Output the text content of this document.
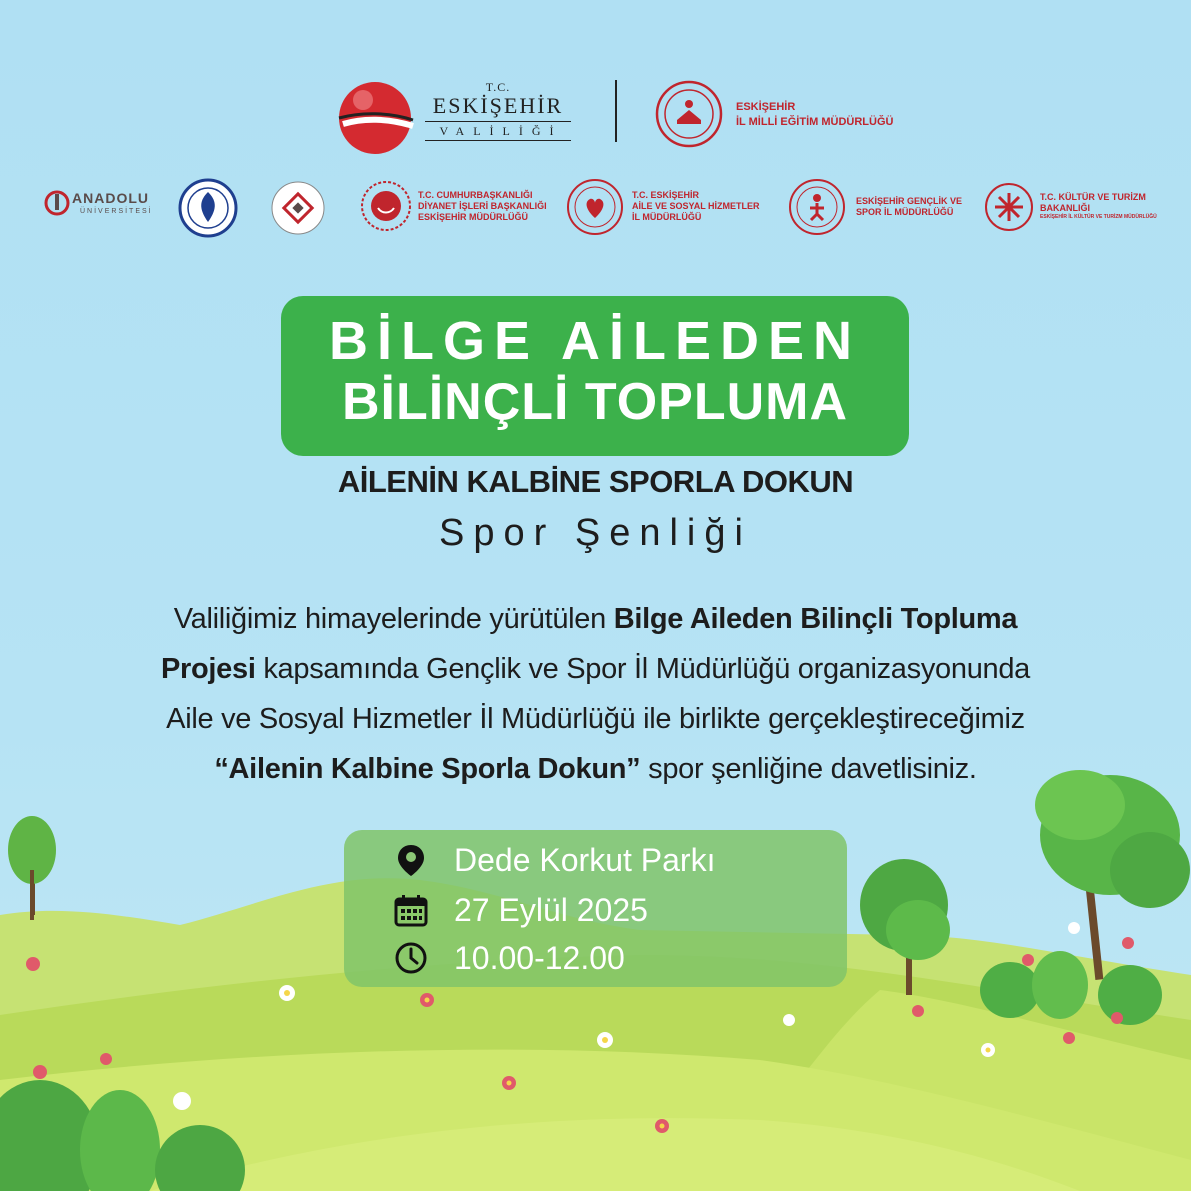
T.C.
ESKİŞEHİR
VALİLİĞİ
ESKİŞEHİR
İL MİLLİ EĞİTİM MÜDÜRLÜĞÜ
ANADOLU
ÜNİVERSİTESİ
T.C. CUMHURBAŞKANLIĞI
DİYANET İŞLERİ BAŞKANLIĞI
ESKİŞEHİR MÜDÜRLÜĞÜ
T.C. ESKİŞEHİR
AİLE VE SOSYAL HİZMETLER
İL MÜDÜRLÜĞÜ
ESKİŞEHİR GENÇLİK VE
SPOR İL MÜDÜRLÜĞÜ
T.C. KÜLTÜR VE TURİZM
BAKANLIĞI
ESKİŞEHİR İL KÜLTÜR VE TURİZM MÜDÜRLÜĞÜ
BİLGE AİLEDEN
BİLİNÇLİ TOPLUMA
AİLENİN KALBİNE SPORLA DOKUN
Spor Şenliği
Valiliğimiz himayelerinde yürütülen Bilge Aileden Bilinçli Topluma
Projesi kapsamında Gençlik ve Spor İl Müdürlüğü organizasyonunda
Aile ve Sosyal Hizmetler İl Müdürlüğü ile birlikte gerçekleştireceğimiz
“Ailenin Kalbine Sporla Dokun” spor şenliğine davetlisiniz.
Dede Korkut Parkı
27 Eylül 2025
10.00-12.00
